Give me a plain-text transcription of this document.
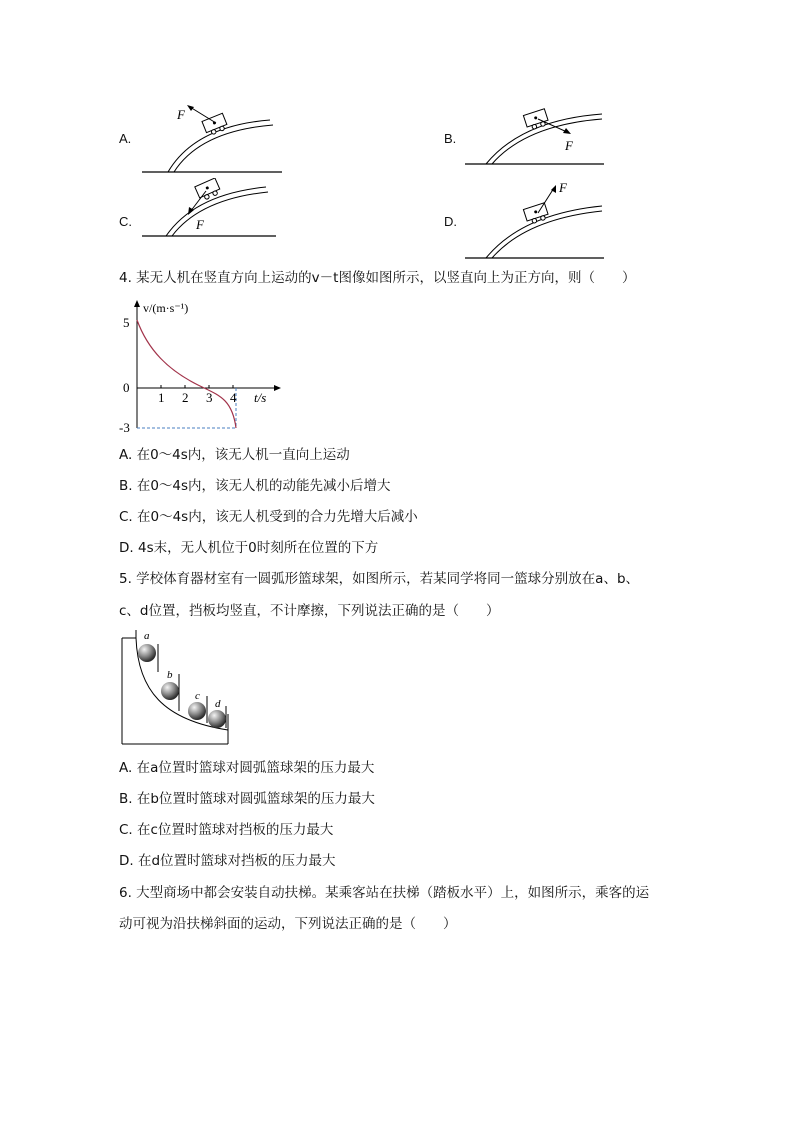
A.	B.
C.	D.
F
F
F
F
4. 某无人机在竖直方向上运动的v－t图像如图所示，以竖直向上为正方向，则（　　）
v/(m·s⁻¹)
t/s
5
0
-3
1 2 3 4
A. 在0～4s内，该无人机一直向上运动
B. 在0～4s内，该无人机的动能先减小后增大
C. 在0～4s内，该无人机受到的合力先增大后减小
D. 4s末，无人机位于0时刻所在位置的下方
5. 学校体育器材室有一圆弧形篮球架，如图所示，若某同学将同一篮球分别放在a、b、
c、d位置，挡板均竖直，不计摩擦，下列说法正确的是（　　）
a
b
c
d
A. 在a位置时篮球对圆弧篮球架的压力最大
B. 在b位置时篮球对圆弧篮球架的压力最大
C. 在c位置时篮球对挡板的压力最大
D. 在d位置时篮球对挡板的压力最大
6. 大型商场中都会安装自动扶梯。某乘客站在扶梯（踏板水平）上，如图所示，乘客的运
动可视为沿扶梯斜面的运动，下列说法正确的是（　　）
